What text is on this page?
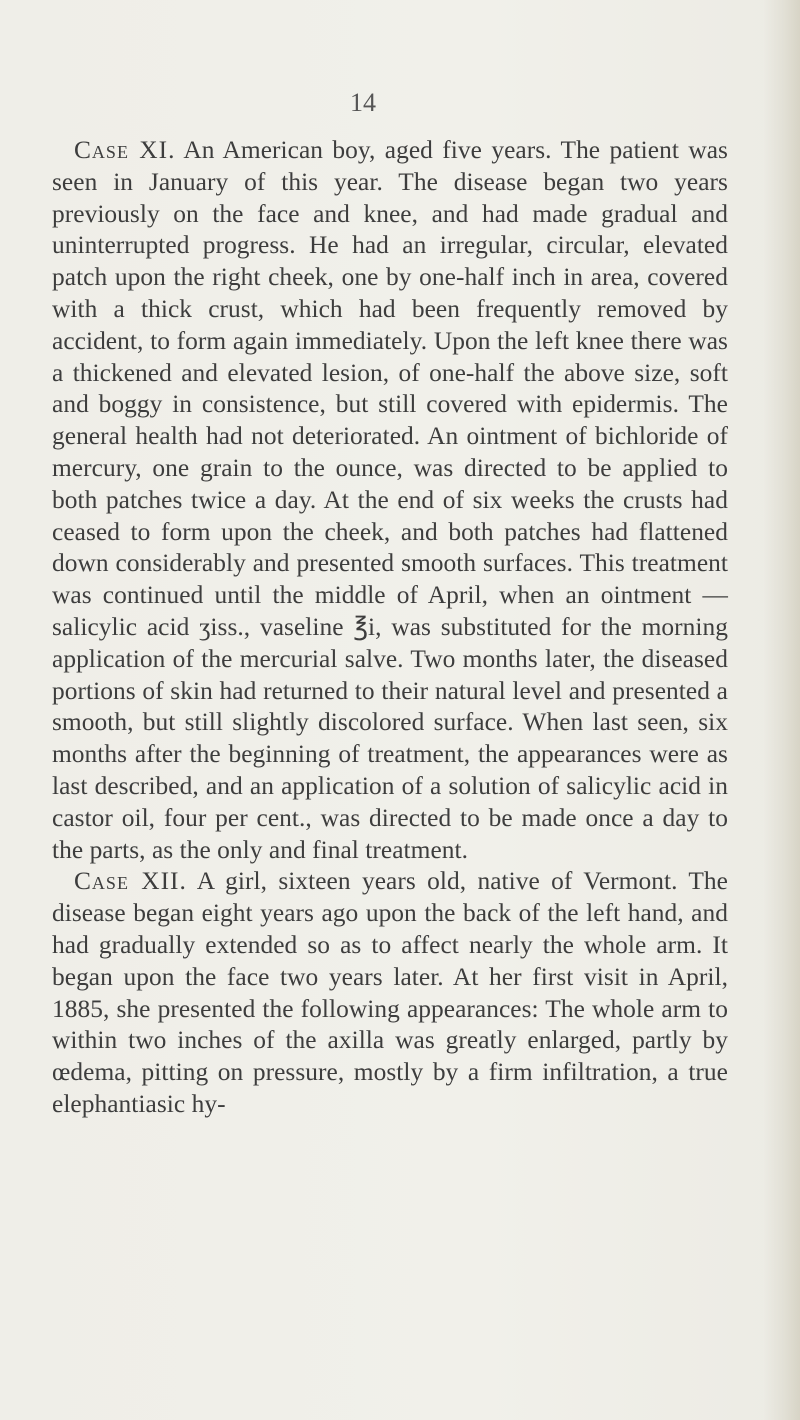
14

Case XI. An American boy, aged five years. The patient was seen in January of this year. The disease began two years previously on the face and knee, and had made gradual and uninterrupted progress. He had an irregular, circular, elevated patch upon the right cheek, one by one-half inch in area, covered with a thick crust, which had been frequently removed by accident, to form again immediately. Upon the left knee there was a thickened and elevated lesion, of one-half the above size, soft and boggy in consistence, but still covered with epidermis. The general health had not deteriorated. An ointment of bichloride of mercury, one grain to the ounce, was directed to be applied to both patches twice a day. At the end of six weeks the crusts had ceased to form upon the cheek, and both patches had flattened down considerably and presented smooth surfaces. This treatment was continued until the middle of April, when an ointment — salicylic acid ʒiss., vaseline ℥i, was substituted for the morning application of the mercurial salve. Two months later, the diseased portions of skin had returned to their natural level and presented a smooth, but still slightly discolored surface. When last seen, six months after the beginning of treatment, the appearances were as last described, and an application of a solution of salicylic acid in castor oil, four per cent., was directed to be made once a day to the parts, as the only and final treatment.

Case XII. A girl, sixteen years old, native of Vermont. The disease began eight years ago upon the back of the left hand, and had gradually extended so as to affect nearly the whole arm. It began upon the face two years later. At her first visit in April, 1885, she presented the following appearances: The whole arm to within two inches of the axilla was greatly enlarged, partly by œdema, pitting on pressure, mostly by a firm infiltration, a true elephantiasic hy-
